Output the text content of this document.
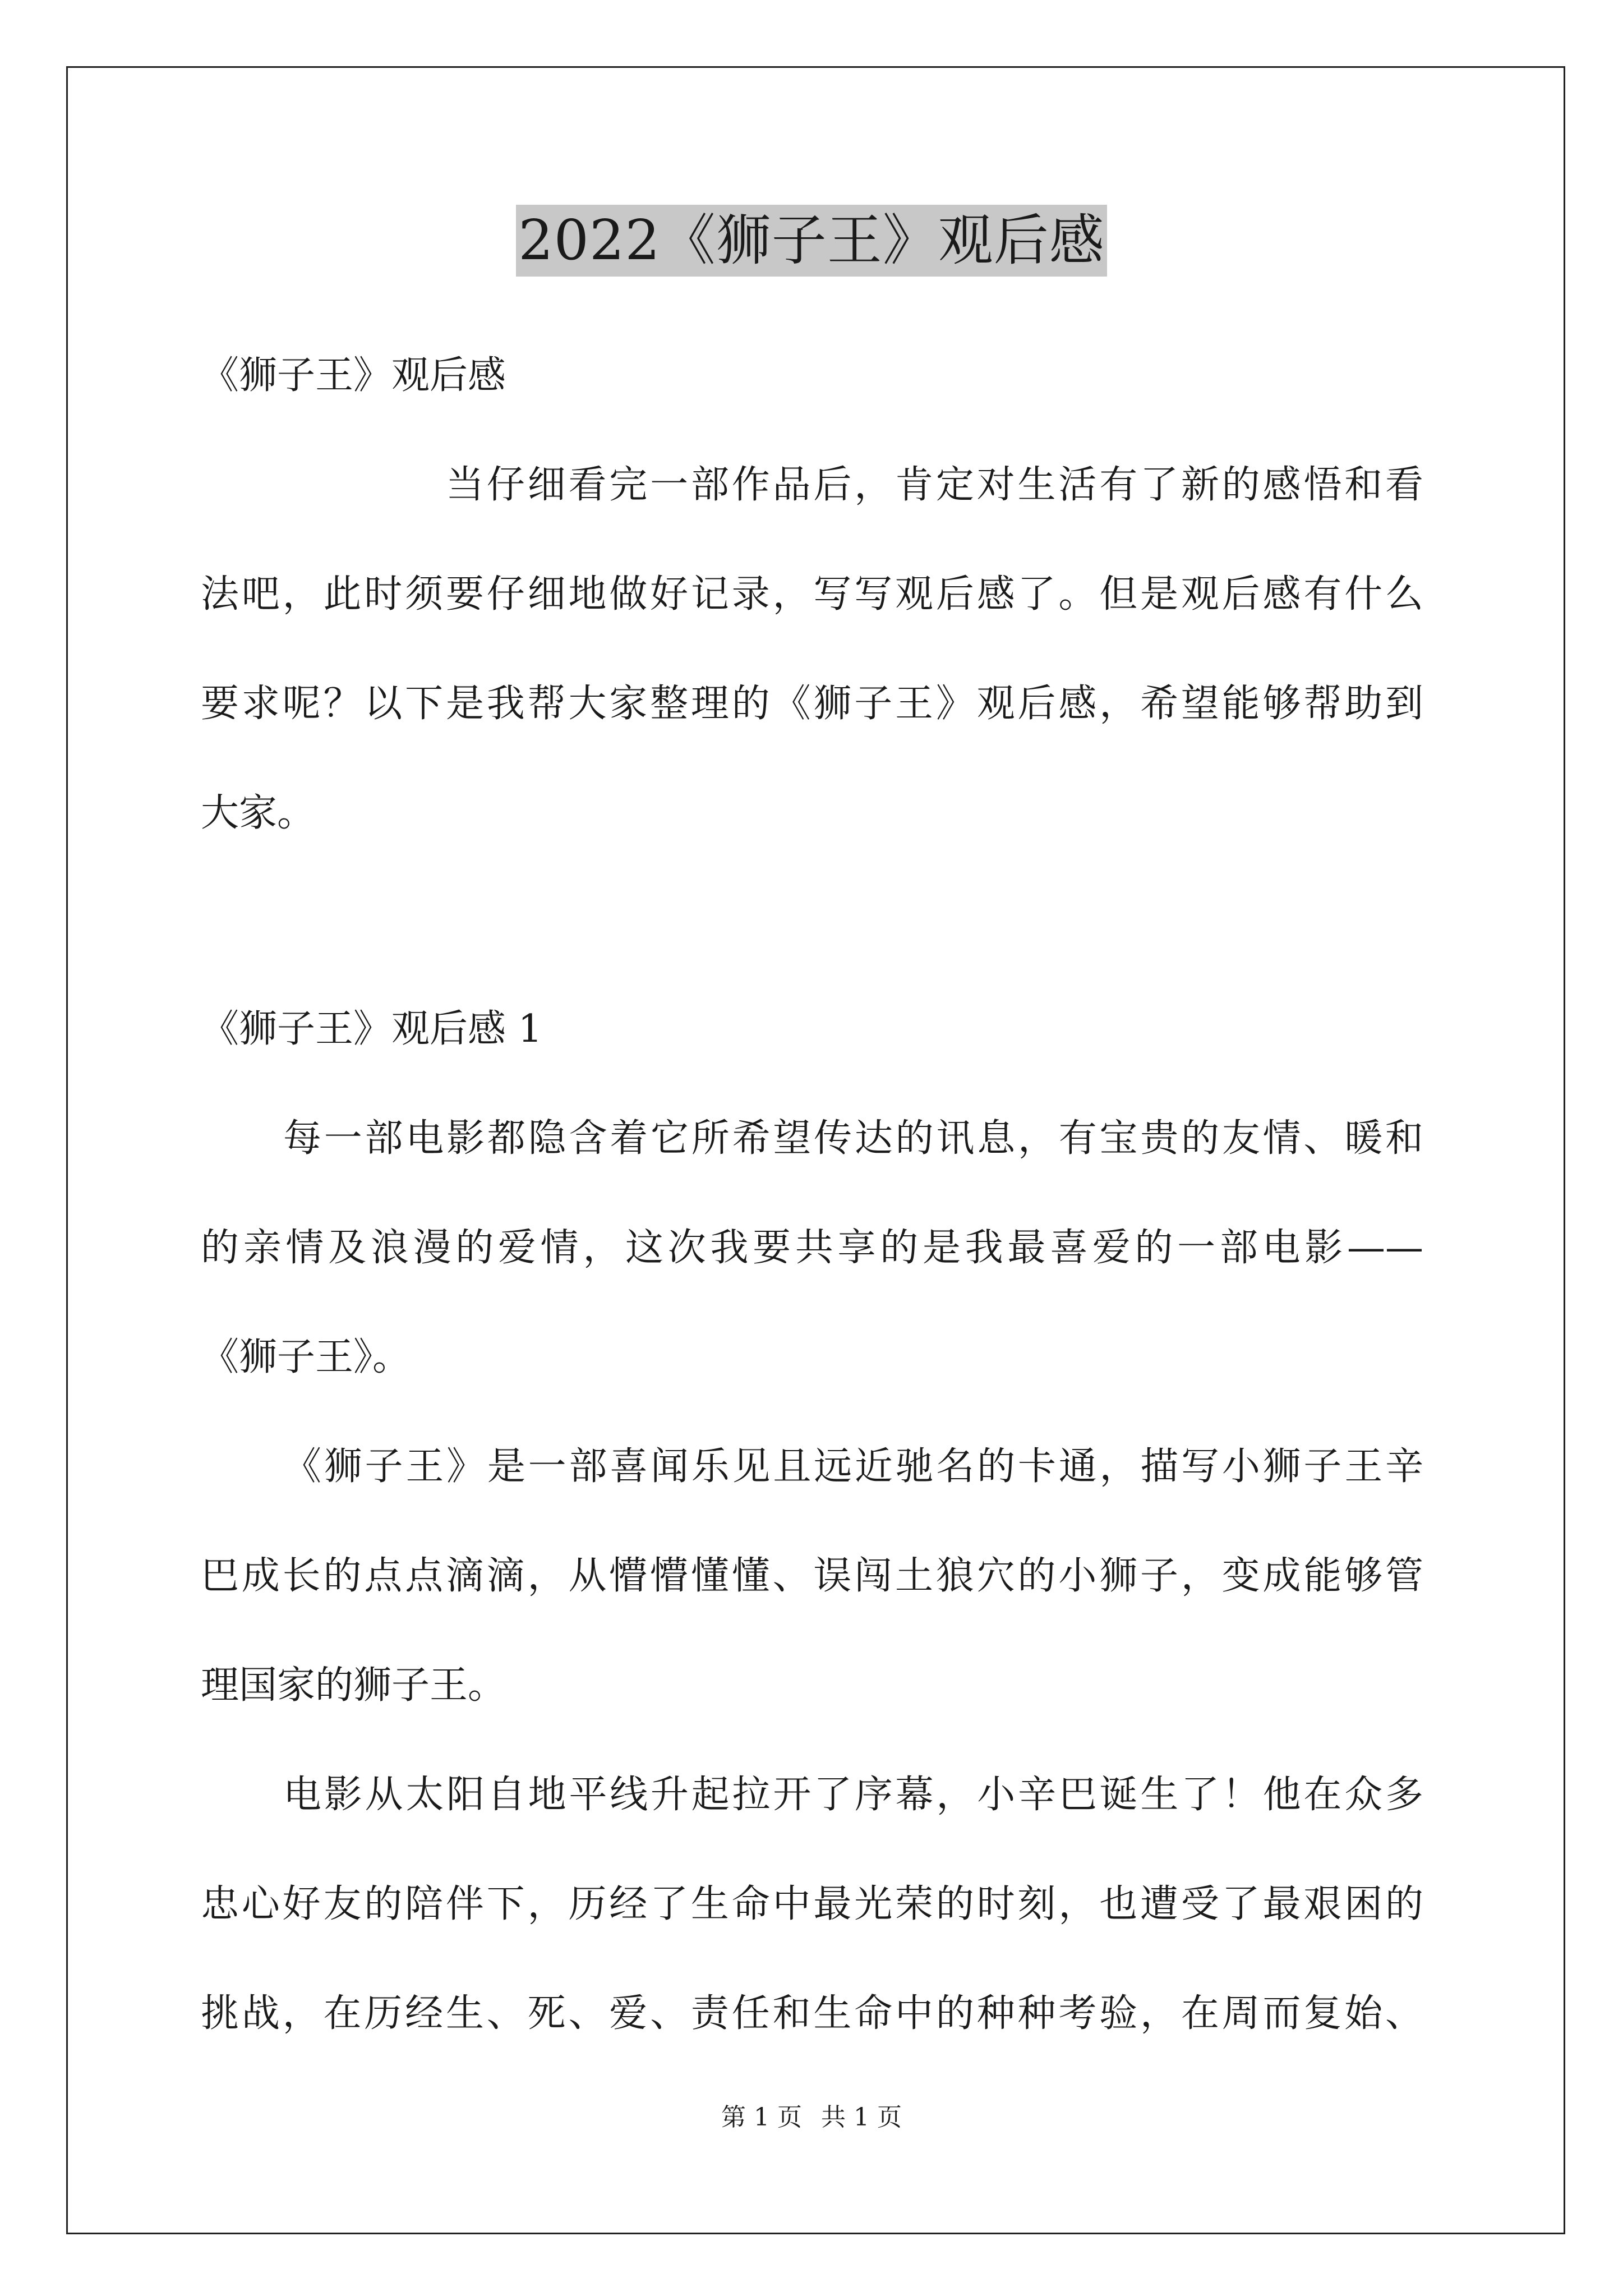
2022《狮子王》观后感
《狮子王》观后感
当仔细看完一部作品后，肯定对生活有了新的感悟和看
法吧，此时须要仔细地做好记录，写写观后感了。但是观后感有什么
要求呢？以下是我帮大家整理的《狮子王》观后感，希望能够帮助到
大家。
《狮子王》观后感 1
每一部电影都隐含着它所希望传达的讯息，有宝贵的友情、暖和
的亲情及浪漫的爱情，这次我要共享的是我最喜爱的一部电影——
《狮子王》。
《狮子王》是一部喜闻乐见且远近驰名的卡通，描写小狮子王辛
巴成长的点点滴滴，从懵懵懂懂、误闯土狼穴的小狮子，变成能够管
理国家的狮子王。
电影从太阳自地平线升起拉开了序幕，小辛巴诞生了！他在众多
忠心好友的陪伴下，历经了生命中最光荣的时刻，也遭受了最艰困的
挑战，在历经生、死、爱、责任和生命中的种种考验，在周而复始、
第 1 页 共 1 页
